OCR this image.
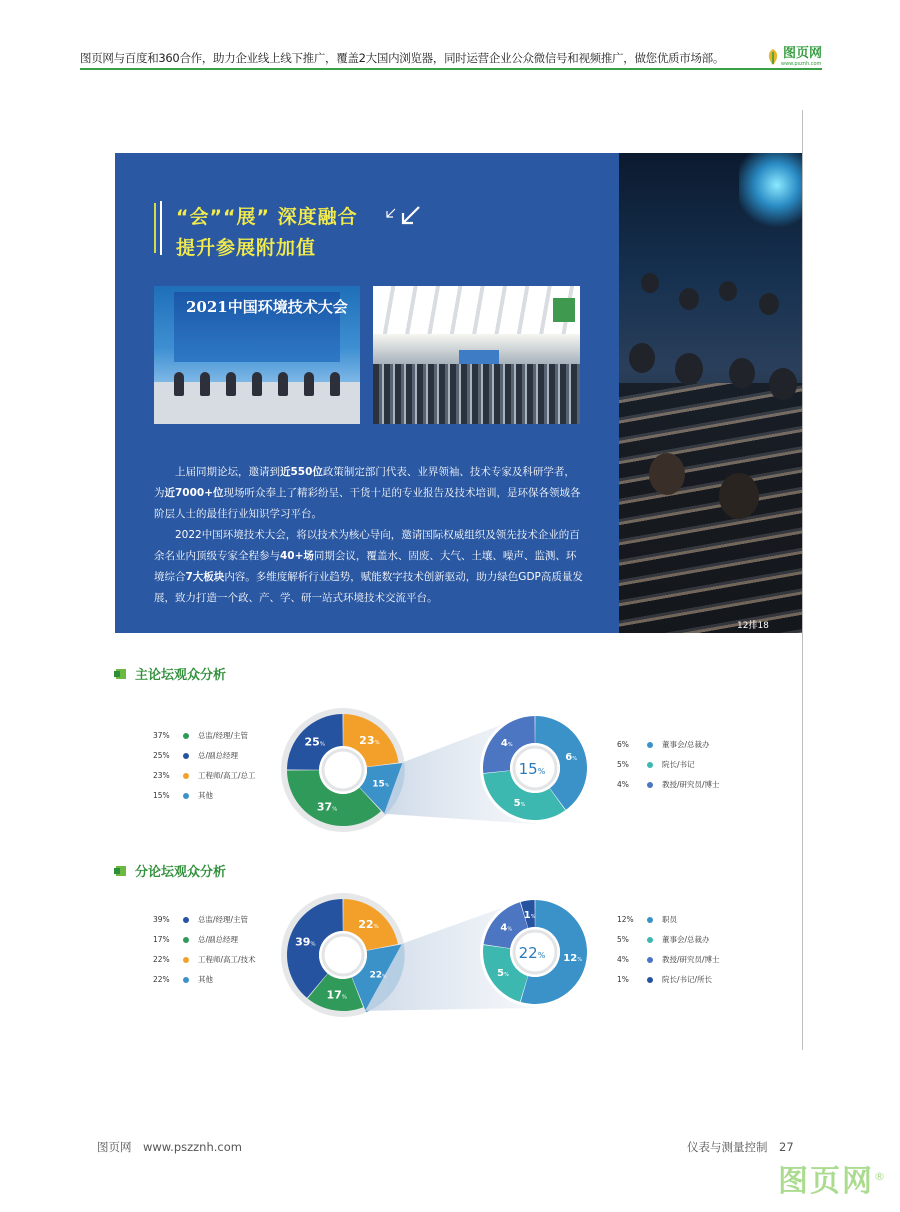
图页网与百度和360合作，助力企业线上线下推广，覆盖2大国内浏览器，同时运营企业公众微信号和视频推广，做您优质市场部。	图页网
www.psznh.com
“会”“展” 深度融合
提升参展附加值
2021中国环境技术大会

上届同期论坛，邀请到近550位政策制定部门代表、业界领袖、技术专家及科研学者，为近7000+位现场听众奉上了精彩纷呈、干货十足的专业报告及技术培训，是环保各领域各阶层人士的最佳行业知识学习平台。

2022中国环境技术大会，将以技术为核心导向，邀请国际权威组织及领先技术企业的百余名业内顶级专家全程参与40+场同期会议，覆盖水、固废、大气、土壤、噪声、监测、环境综合7大板块内容。多维度解析行业趋势，赋能数字技术创新驱动，助力绿色GDP高质量发展，致力打造一个政、产、学、研一站式环境技术交流平台。

12排18
主论坛观众分析
分论坛观众分析
37%	总监/经理/主管
25%	总/副总经理
23%	工程师/高工/总工
15%	其他
6%	董事会/总裁办
5%	院长/书记
4%	教授/研究员/博士
39%	总监/经理/主管
17%	总/副总经理
22%	工程师/高工/技术
22%	其他
12%	职员
5%	董事会/总裁办
4%	教授/研究员/博士
1%	院长/书记/所长
15%
23%
15%
37%
25%
6%
5%
4%
22%
22%
22%
17%
39%
12%
5%
4%
1%
图页网　www.pszznh.com	仪表与测量控制　27
图页网®
